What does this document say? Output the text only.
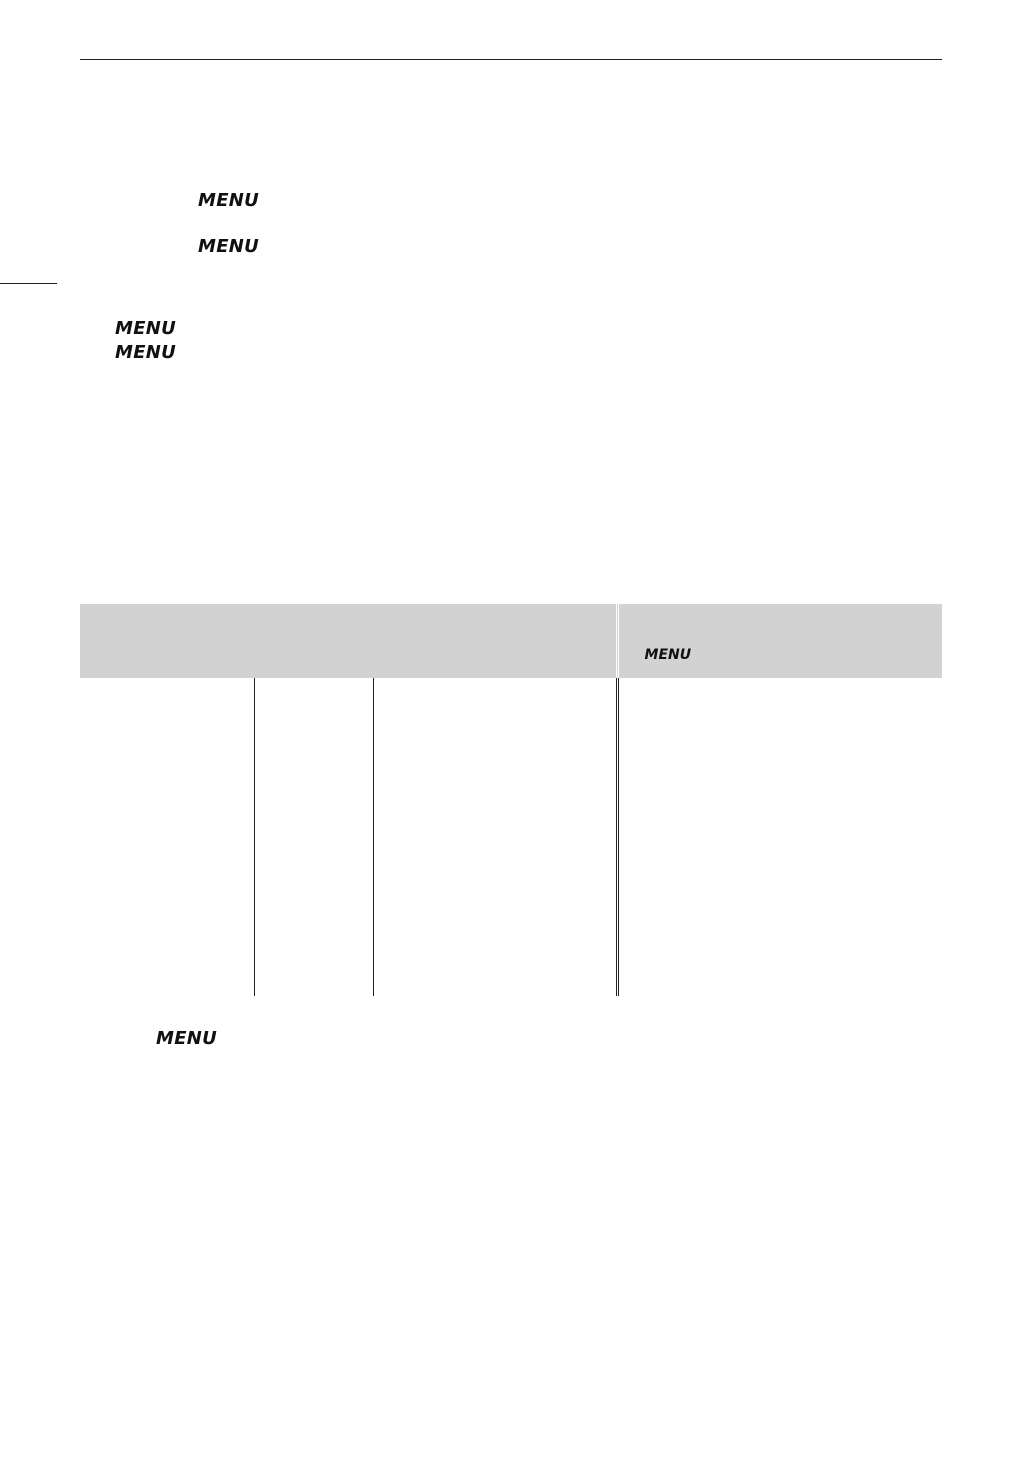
MENU
MENU
MENU
MENU
MENU

			MENU
